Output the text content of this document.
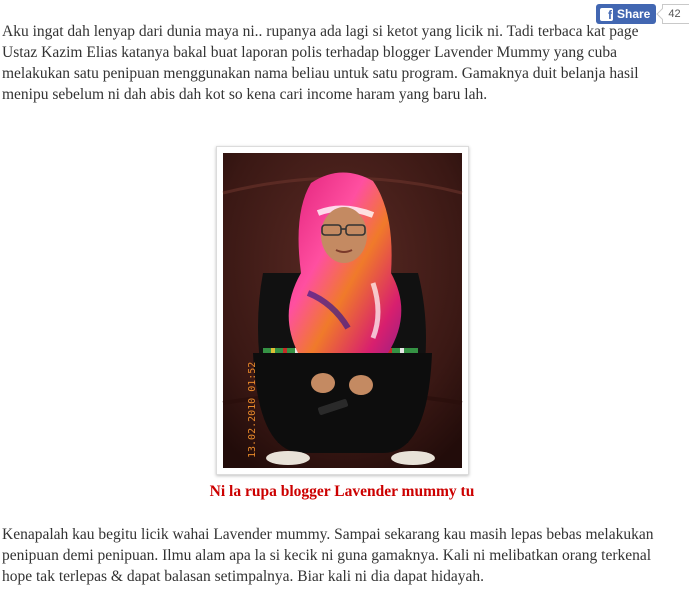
f Share	42

Aku ingat dah lenyap dari dunia maya ni.. rupanya ada lagi si ketot yang licik ni. Tadi terbaca kat page Ustaz Kazim Elias katanya bakal buat laporan polis terhadap blogger Lavender Mummy yang cuba melakukan satu penipuan menggunakan nama beliau untuk satu program. Gamaknya duit belanja hasil menipu sebelum ni dah abis dah kot so kena cari income haram yang baru lah.

13.02.2010 01:52

Ni la rupa blogger Lavender mummy tu

Kenapalah kau begitu licik wahai Lavender mummy. Sampai sekarang kau masih lepas bebas melakukan penipuan demi penipuan. Ilmu alam apa la si kecik ni guna gamaknya. Kali ni melibatkan orang terkenal hope tak terlepas & dapat balasan setimpalnya. Biar kali ni dia dapat hidayah.
